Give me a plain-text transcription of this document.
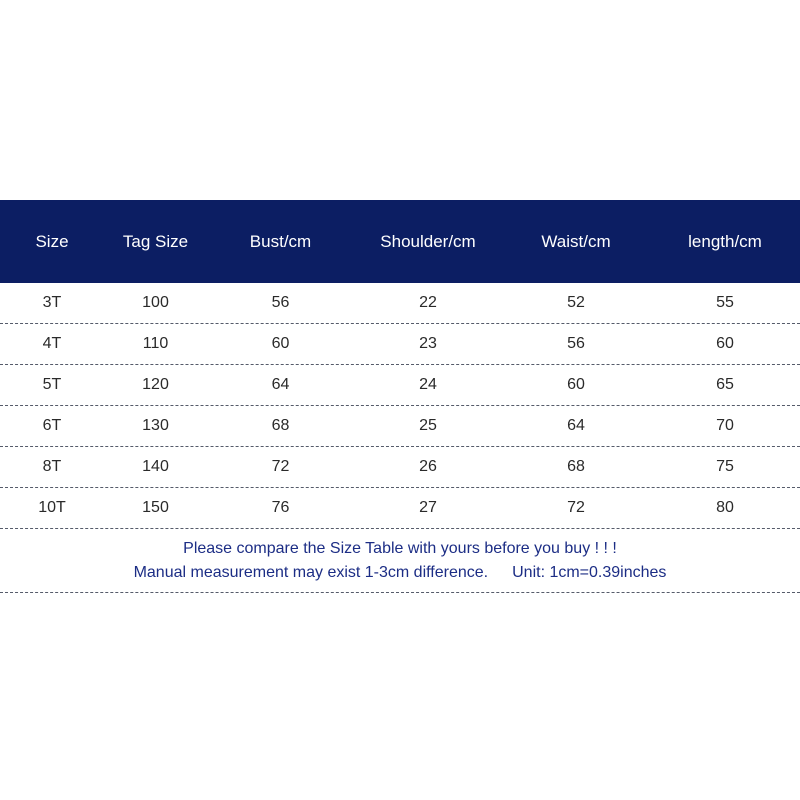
Size	Tag Size	Bust/cm	Shoulder/cm	Waist/cm	length/cm
3T	100	56	22	52	55
4T	110	60	23	56	60
5T	120	64	24	60	65
6T	130	68	25	64	70
8T	140	72	26	68	75
10T	150	76	27	72	80
Please compare the Size Table with yours before you buy ! ! !
Manual measurement may exist 1-3cm difference. Unit: 1cm=0.39inches
